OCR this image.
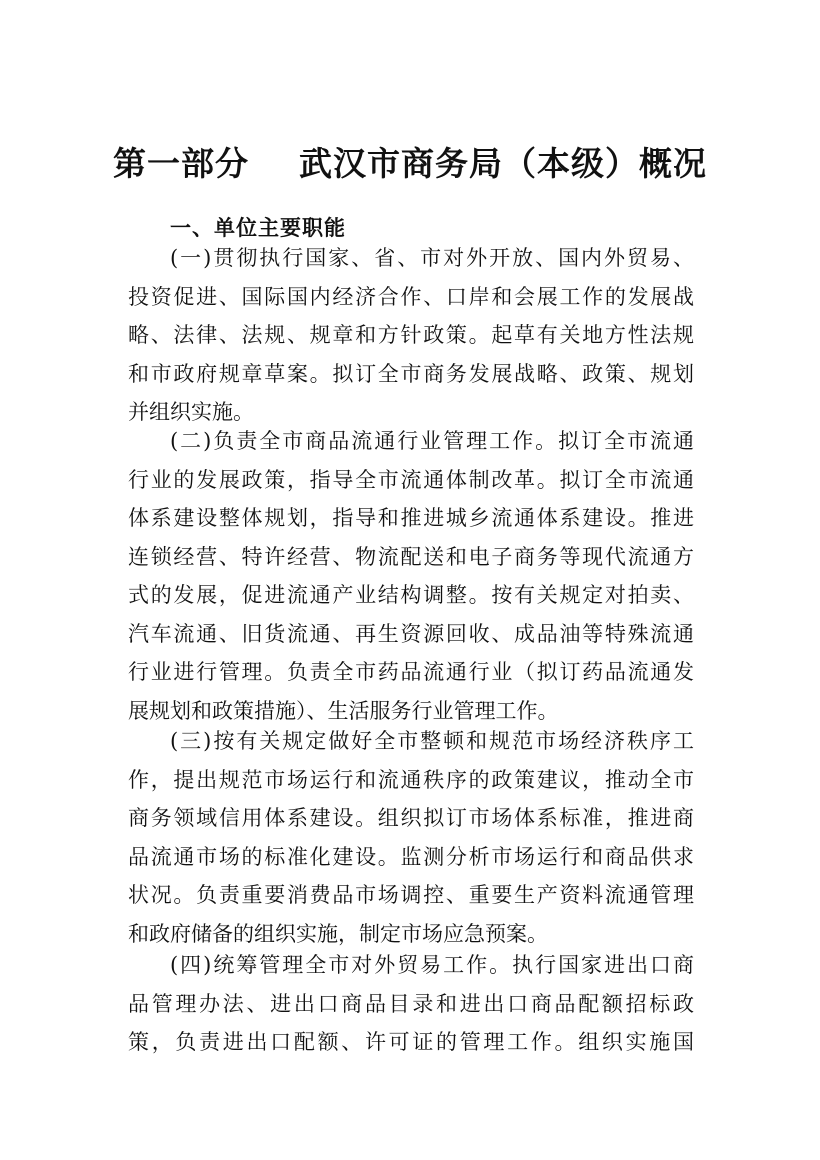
第一部分    武汉市商务局（本级）概况
一、单位主要职能
(一)贯彻执行国家、省、市对外开放、国内外贸易、
投资促进、国际国内经济合作、口岸和会展工作的发展战
略、法律、法规、规章和方针政策。起草有关地方性法规
和市政府规章草案。拟订全市商务发展战略、政策、规划
并组织实施。
(二)负责全市商品流通行业管理工作。拟订全市流通
行业的发展政策，指导全市流通体制改革。拟订全市流通
体系建设整体规划，指导和推进城乡流通体系建设。推进
连锁经营、特许经营、物流配送和电子商务等现代流通方
式的发展，促进流通产业结构调整。按有关规定对拍卖、
汽车流通、旧货流通、再生资源回收、成品油等特殊流通
行业进行管理。负责全市药品流通行业（拟订药品流通发
展规划和政策措施）、生活服务行业管理工作。
(三)按有关规定做好全市整顿和规范市场经济秩序工
作，提出规范市场运行和流通秩序的政策建议，推动全市
商务领域信用体系建设。组织拟订市场体系标准，推进商
品流通市场的标准化建设。监测分析市场运行和商品供求
状况。负责重要消费品市场调控、重要生产资料流通管理
和政府储备的组织实施，制定市场应急预案。
(四)统筹管理全市对外贸易工作。执行国家进出口商
品管理办法、进出口商品目录和进出口商品配额招标政
策，负责进出口配额、许可证的管理工作。组织实施国
